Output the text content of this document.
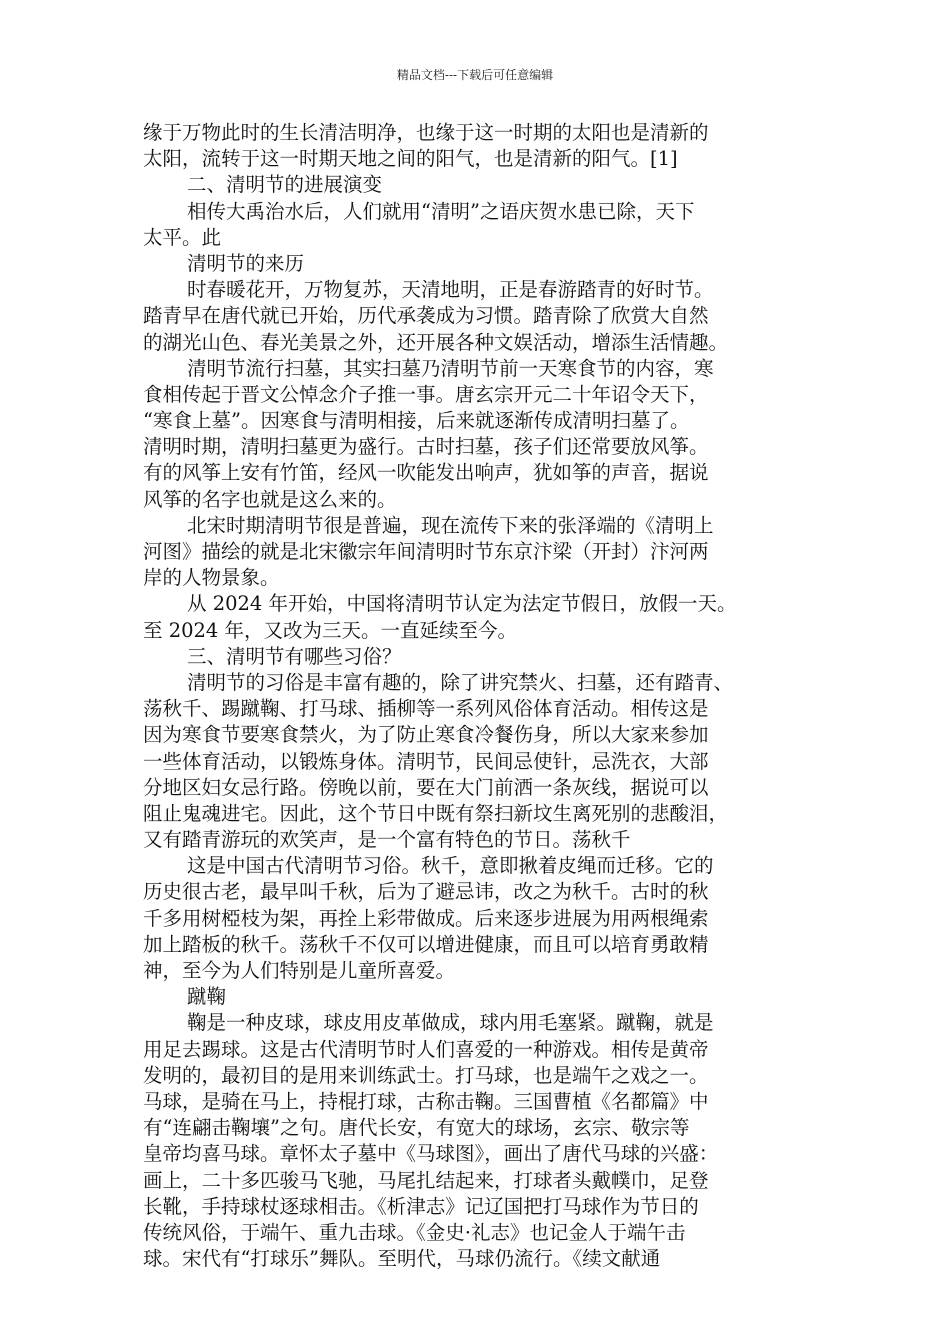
精品文档---下载后可任意编辑
缘于万物此时的生长清洁明净，也缘于这一时期的太阳也是清新的
太阳，流转于这一时期天地之间的阳气，也是清新的阳气。[1]
二、清明节的进展演变
相传大禹治水后，人们就用“清明”之语庆贺水患已除，天下
太平。此
清明节的来历
时春暖花开，万物复苏，天清地明，正是春游踏青的好时节。
踏青早在唐代就已开始，历代承袭成为习惯。踏青除了欣赏大自然
的湖光山色、春光美景之外，还开展各种文娱活动，增添生活情趣。
清明节流行扫墓，其实扫墓乃清明节前一天寒食节的内容，寒
食相传起于晋文公悼念介子推一事。唐玄宗开元二十年诏令天下，
“寒食上墓”。因寒食与清明相接，后来就逐渐传成清明扫墓了。
清明时期，清明扫墓更为盛行。古时扫墓，孩子们还常要放风筝。
有的风筝上安有竹笛，经风一吹能发出响声，犹如筝的声音，据说
风筝的名字也就是这么来的。
北宋时期清明节很是普遍，现在流传下来的张泽端的《清明上
河图》描绘的就是北宋徽宗年间清明时节东京汴梁（开封）汴河两
岸的人物景象。
从 2024 年开始，中国将清明节认定为法定节假日，放假一天。
至 2024 年，又改为三天。一直延续至今。
三、清明节有哪些习俗？
清明节的习俗是丰富有趣的，除了讲究禁火、扫墓，还有踏青、
荡秋千、踢蹴鞠、打马球、插柳等一系列风俗体育活动。相传这是
因为寒食节要寒食禁火，为了防止寒食冷餐伤身，所以大家来参加
一些体育活动，以锻炼身体。清明节，民间忌使针，忌洗衣，大部
分地区妇女忌行路。傍晚以前，要在大门前洒一条灰线，据说可以
阻止鬼魂进宅。因此，这个节日中既有祭扫新坟生离死别的悲酸泪，
又有踏青游玩的欢笑声，是一个富有特色的节日。荡秋千
这是中国古代清明节习俗。秋千，意即揪着皮绳而迁移。它的
历史很古老，最早叫千秋，后为了避忌讳，改之为秋千。古时的秋
千多用树椏枝为架，再拴上彩带做成。后来逐步进展为用两根绳索
加上踏板的秋千。荡秋千不仅可以增进健康，而且可以培育勇敢精
神，至今为人们特别是儿童所喜爱。
蹴鞠
鞠是一种皮球，球皮用皮革做成，球内用毛塞紧。蹴鞠，就是
用足去踢球。这是古代清明节时人们喜爱的一种游戏。相传是黄帝
发明的，最初目的是用来训练武士。打马球，也是端午之戏之一。
马球，是骑在马上，持棍打球，古称击鞠。三国曹植《名都篇》中
有“连翩击鞠壤”之句。唐代长安，有宽大的球场，玄宗、敬宗等
皇帝均喜马球。章怀太子墓中《马球图》，画出了唐代马球的兴盛：
画上，二十多匹骏马飞驰，马尾扎结起来，打球者头戴幞巾，足登
长靴，手持球杖逐球相击。《析津志》记辽国把打马球作为节日的
传统风俗，于端午、重九击球。《金史·礼志》也记金人于端午击
球。宋代有“打球乐”舞队。至明代，马球仍流行。《续文献通
